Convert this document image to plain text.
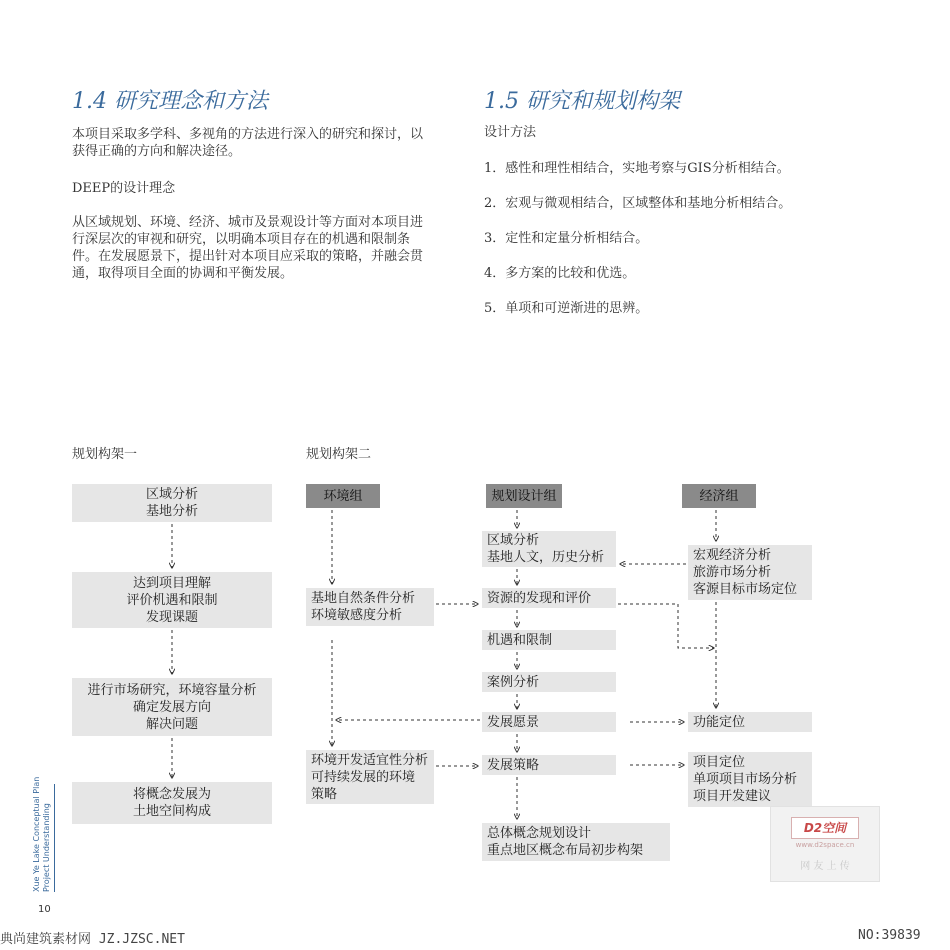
1.4 研究理念和方法
本项目采取多学科、多视角的方法进行深入的研究和探讨，以
获得正确的方向和解决途径。
DEEP的设计理念
从区域规划、环境、经济、城市及景观设计等方面对本项目进
行深层次的审视和研究，以明确本项目存在的机遇和限制条
件。在发展愿景下，提出针对本项目应采取的策略，并融会贯
通，取得项目全面的协调和平衡发展。
1.5 研究和规划构架
设计方法
1．感性和理性相结合，实地考察与GIS分析相结合。
2．宏观与微观相结合，区域整体和基地分析相结合。
3．定性和定量分析相结合。
4．多方案的比较和优选。
5．单项和可逆渐进的思辨。
规划构架一
区域分析
基地分析
达到项目理解
评价机遇和限制
发现课题
进行市场研究，环境容量分析
确定发展方向
解决问题
将概念发展为
土地空间构成
规划构架二
环境组	规划设计组	经济组
基地自然条件分析
环境敏感度分析
环境开发适宜性分析
可持续发展的环境
策略
区域分析
基地人文，历史分析
资源的发现和评价
机遇和限制
案例分析
发展愿景
发展策略
总体概念规划设计
重点地区概念布局初步构架
宏观经济分析
旅游市场分析
客源目标市场定位
功能定位
项目定位
单项项目市场分析
项目开发建议
Xue Ye Lake Conceptual Plan Project Understanding
10
D2空间
www.d2space.cn
网 友 上 传
典尚建筑素材网 JZ.JZSC.NET	NO:39839
